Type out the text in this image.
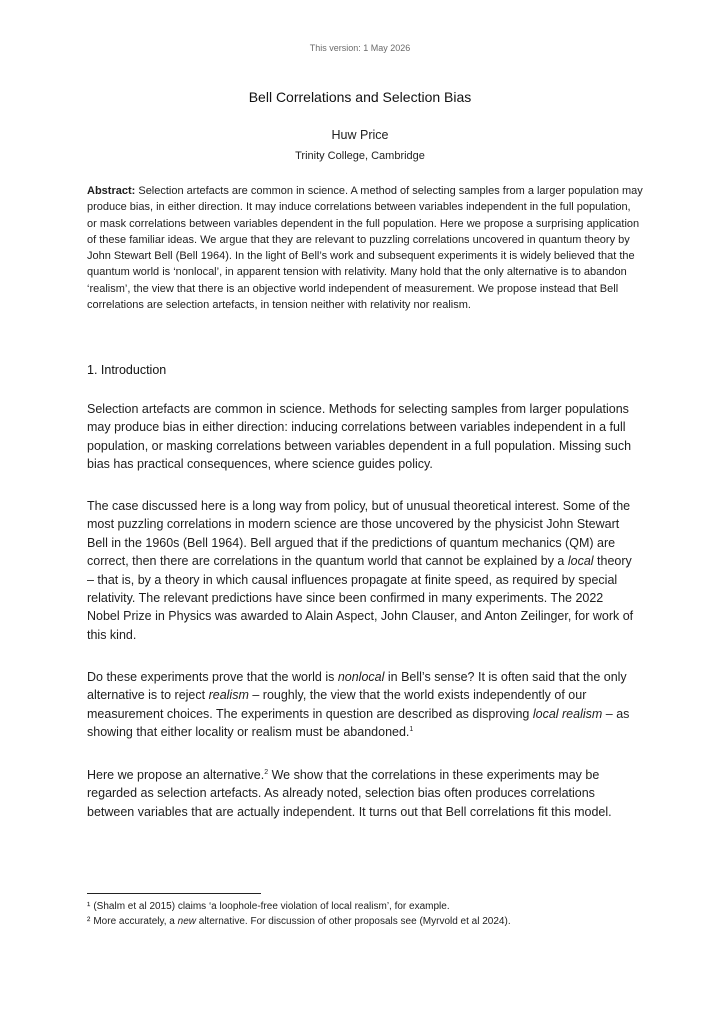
This version: 1 May 2026
Bell Correlations and Selection Bias
Huw Price
Trinity College, Cambridge
Abstract: Selection artefacts are common in science. A method of selecting samples from a larger population may produce bias, in either direction. It may induce correlations between variables independent in the full population, or mask correlations between variables dependent in the full population. Here we propose a surprising application of these familiar ideas. We argue that they are relevant to puzzling correlations uncovered in quantum theory by John Stewart Bell (Bell 1964). In the light of Bell’s work and subsequent experiments it is widely believed that the quantum world is ‘nonlocal’, in apparent tension with relativity. Many hold that the only alternative is to abandon ‘realism’, the view that there is an objective world independent of measurement. We propose instead that Bell correlations are selection artefacts, in tension neither with relativity nor realism.
1. Introduction

Selection artefacts are common in science. Methods for selecting samples from larger populations may produce bias in either direction: inducing correlations between variables independent in a full population, or masking correlations between variables dependent in a full population. Missing such bias has practical consequences, where science guides policy.

The case discussed here is a long way from policy, but of unusual theoretical interest. Some of the most puzzling correlations in modern science are those uncovered by the physicist John Stewart Bell in the 1960s (Bell 1964). Bell argued that if the predictions of quantum mechanics (QM) are correct, then there are correlations in the quantum world that cannot be explained by a local theory – that is, by a theory in which causal influences propagate at finite speed, as required by special relativity. The relevant predictions have since been confirmed in many experiments. The 2022 Nobel Prize in Physics was awarded to Alain Aspect, John Clauser, and Anton Zeilinger, for work of this kind.

Do these experiments prove that the world is nonlocal in Bell’s sense? It is often said that the only alternative is to reject realism – roughly, the view that the world exists independently of our measurement choices. The experiments in question are described as disproving local realism – as showing that either locality or realism must be abandoned.$^1$

Here we propose an alternative.$^2$ We show that the correlations in these experiments may be regarded as selection artefacts. As already noted, selection bias often produces correlations between variables that are actually independent. It turns out that Bell correlations fit this model.

¹ (Shalm et al 2015) claims ‘a loophole-free violation of local realism’, for example.
² More accurately, a new alternative. For discussion of other proposals see (Myrvold et al 2024).
